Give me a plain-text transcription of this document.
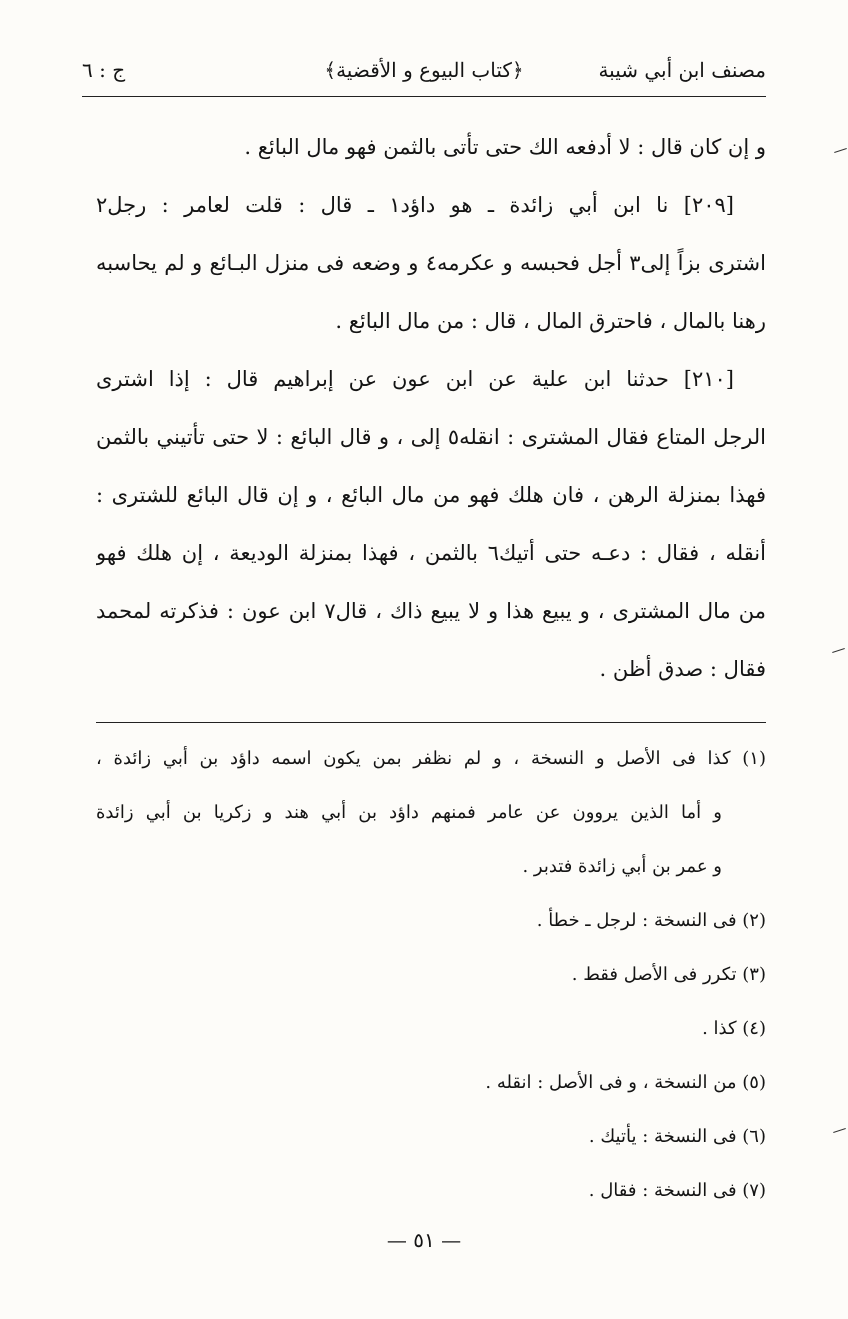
مصنف ابن أبي شيبة
﴿كتاب البيوع و الأقضية﴾
ج : ٦
و إن كان قال : لا أدفعه الك حتى تأتى بالثمن فهو مال البائع .
[٢٠٩] نا ابن أبي زائدة ـ هو داؤد١ ـ قال : قلت لعامر : رجل٢
اشترى بزاً إلى٣ أجل فحبسه و عكرمه٤ و وضعه فى منزل البـائع و لم يحاسبه
رهنا بالمال ، فاحترق المال ، قال : من مال البائع .
[٢١٠] حدثنا ابن علية عن ابن عون عن إبراهيم قال : إذا اشترى
الرجل المتاع فقال المشترى : انقله٥ إلى ، و قال البائع : لا حتى تأتيني بالثمن
فهذا بمنزلة الرهن ، فان هلك فهو من مال البائع ، و إن قال البائع للشترى :
أنقله ، فقال : دعـه حتى أتيك٦ بالثمن ، فهذا بمنزلة الوديعة ، إن هلك فهو
من مال المشترى ، و يبيع هذا و لا يبيع ذاك ، قال٧ ابن عون : فذكرته لمحمد
فقال : صدق أظن .
(١) كذا فى الأصل و النسخة ، و لم نظفر بمن يكون اسمه داؤد بن أبي زائدة ،
و أما الذين يروون عن عامر فمنهم داؤد بن أبي هند و زكريا بن أبي زائدة
و عمر بن أبي زائدة فتدبر .
(٢) فى النسخة : لرجل ـ خطأ .
(٣) تكرر فى الأصل فقط .
(٤) كذا .
(٥) من النسخة ، و فى الأصل : انقله .
(٦) فى النسخة : يأتيك .
(٧) فى النسخة : فقال .
— ٥١ —
